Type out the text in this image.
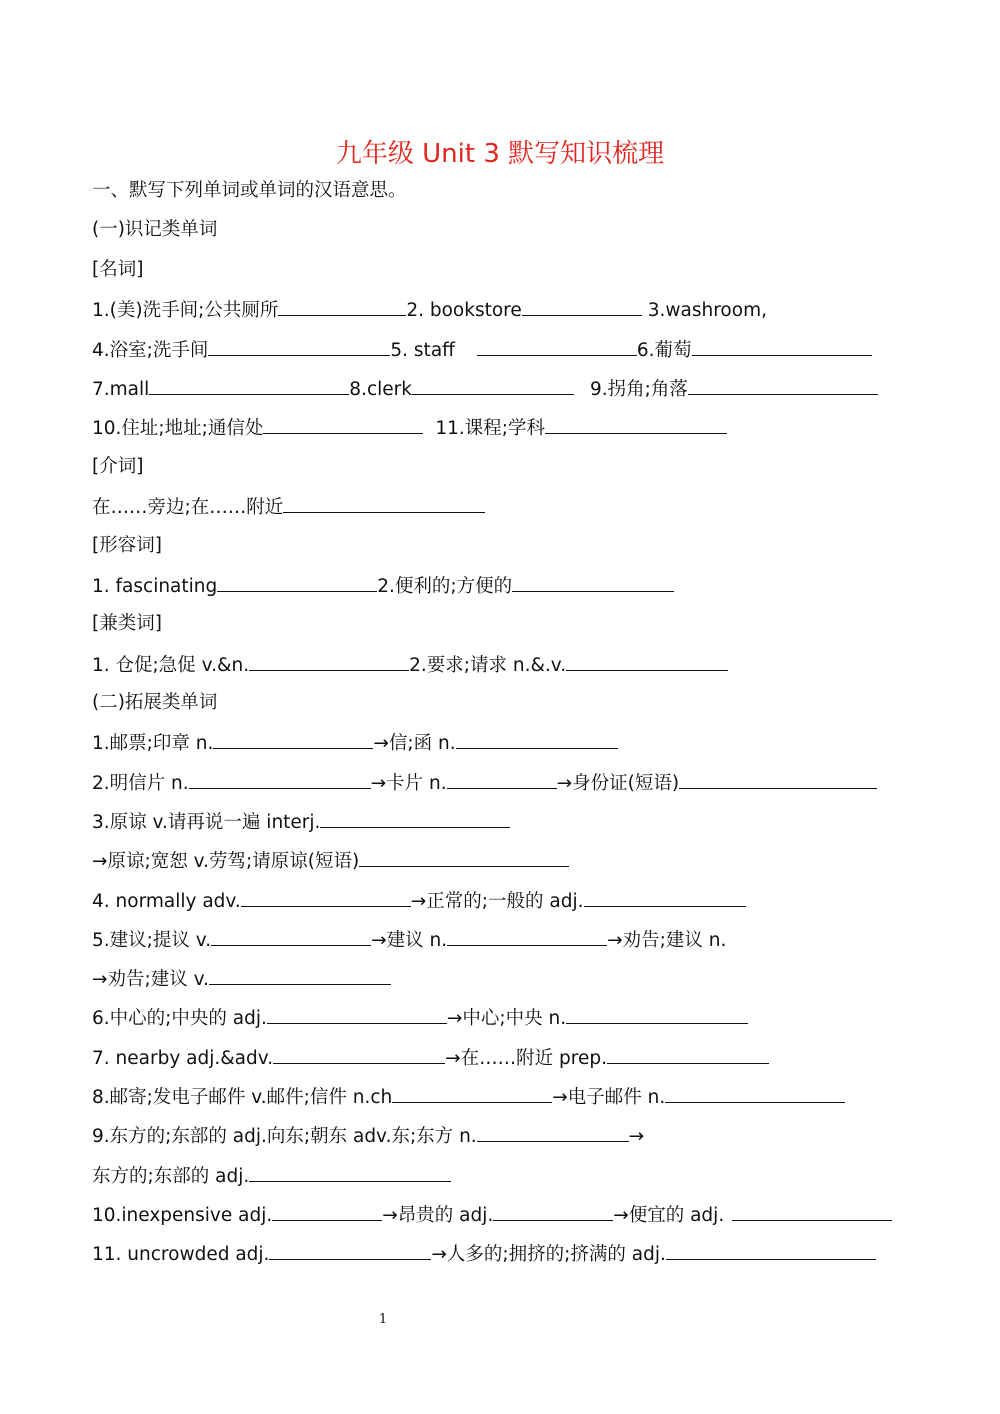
九年级 Unit 3 默写知识梳理
一、默写下列单词或单词的汉语意思。
(一)识记类单词
[名词]
1.(美)洗手间;公共厕所	2. bookstore	3.washroom,
4.浴室;洗手间	5. staff	6.葡萄
7.mall	8.clerk	9.拐角;角落
10.住址;地址;通信处	11.课程;学科
[介词]
在……旁边;在……附近
[形容词]
1. fascinating	2.便利的;方便的
[兼类词]
1. 仓促;急促 v.&n.	2.要求;请求 n.&.v.
(二)拓展类单词
1.邮票;印章 n.	→信;函 n.
2.明信片 n.	→卡片 n.	→身份证(短语)
3.原谅 v.请再说一遍 interj.
→原谅;宽恕 v.劳驾;请原谅(短语)
4. normally adv.	→正常的;一般的 adj.
5.建议;提议 v.	→建议 n.	→劝告;建议 n.
→劝告;建议 v.
6.中心的;中央的 adj.	→中心;中央 n.
7. nearby adj.&adv.	→在……附近 prep.
8.邮寄;发电子邮件 v.邮件;信件 n.ch	→电子邮件 n.
9.东方的;东部的 adj.向东;朝东 adv.东;东方 n.	→
东方的;东部的 adj.
10.inexpensive adj.	→昂贵的 adj.	→便宜的 adj.
11. uncrowded adj.	→人多的;拥挤的;挤满的 adj.
1
